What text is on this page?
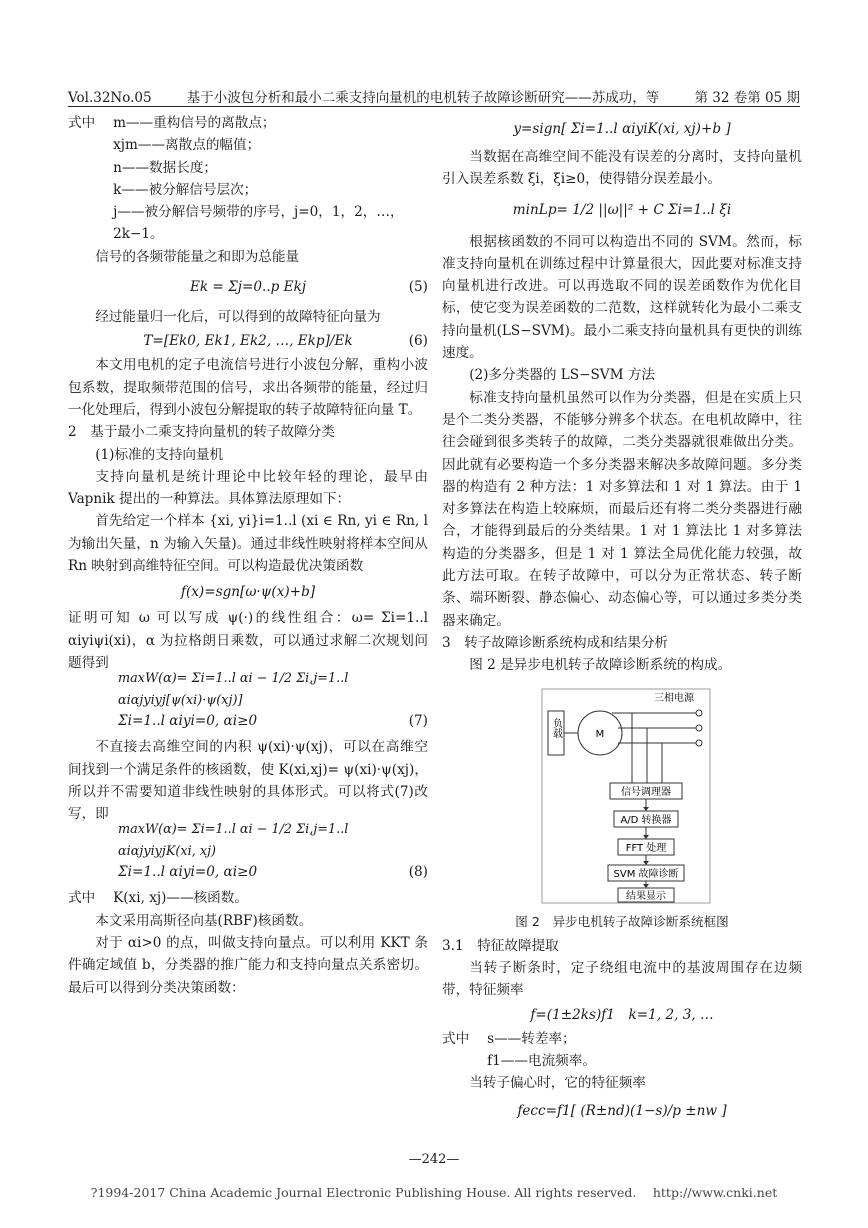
Vol.32No.05	基于小波包分析和最小二乘支持向量机的电机转子故障诊断研究——苏成功，等	第 32 卷第 05 期

式中　 m——重构信号的离散点；

　　　 xjm——离散点的幅值；

　　　 n——数据长度；

　　　 k——被分解信号层次；

　　　 j——被分解信号频带的序号，j=0，1，2，…，

　　　 2k−1。

信号的各频带能量之和即为总能量

Ek = Σj=0..p Ekj	(5)

经过能量归一化后，可以得到的故障特征向量为

T=[Ek0, Ek1, Ek2, …, Ekp]/Ek	(6)

本文用电机的定子电流信号进行小波包分解，重构小波包系数，提取频带范围的信号，求出各频带的能量，经过归一化处理后，得到小波包分解提取的转子故障特征向量 T。

2　基于最小二乘支持向量机的转子故障分类

(1)标准的支持向量机

支持向量机是统计理论中比较年轻的理论，最早由 Vapnik 提出的一种算法。具体算法原理如下：

首先给定一个样本 {xi, yi}i=1..l (xi ∈ Rn, yi ∈ Rn, l 为输出矢量，n 为输入矢量)。通过非线性映射将样本空间从 Rn 映射到高维特征空间。可以构造最优决策函数

f(x)=sgn[ω·ψ(x)+b]

证明可知 ω 可以写成 ψ(·)的线性组合：ω= Σi=1..l αiyiψi(xi)，α 为拉格朗日乘数，可以通过求解二次规划问题得到

maxW(α)= Σi=1..l αi − 1/2 Σi,j=1..l αiαjyiyj[ψ(xi)·ψ(xj)]
Σi=1..l αiyi=0, αi≥0	(7)

不直接去高维空间的内积 ψ(xi)·ψ(xj)，可以在高维空间找到一个满足条件的核函数，使 K(xi,xj)= ψ(xi)·ψ(xj)，所以并不需要知道非线性映射的具体形式。可以将式(7)改写，即

maxW(α)= Σi=1..l αi − 1/2 Σi,j=1..l αiαjyiyjK(xi, xj)
Σi=1..l αiyi=0, αi≥0	(8)

式中　 K(xi, xj)——核函数。

本文采用高斯径向基(RBF)核函数。

对于 αi>0 的点，叫做支持向量点。可以利用 KKT 条件确定域值 b，分类器的推广能力和支持向量点关系密切。最后可以得到分类决策函数：

y=sign[ Σi=1..l αiyiK(xi, xj)+b ]

当数据在高维空间不能没有误差的分离时，支持向量机引入误差系数 ξi，ξi≥0，使得错分误差最小。

minLp= 1/2 ||ω||² + C Σi=1..l ξi

根据核函数的不同可以构造出不同的 SVM。然而，标准支持向量机在训练过程中计算量很大，因此要对标准支持向量机进行改进。可以再选取不同的误差函数作为优化目标，使它变为误差函数的二范数，这样就转化为最小二乘支持向量机(LS−SVM)。最小二乘支持向量机具有更快的训练速度。

(2)多分类器的 LS−SVM 方法

标准支持向量机虽然可以作为分类器，但是在实质上只是个二类分类器，不能够分辨多个状态。在电机故障中，往往会碰到很多类转子的故障，二类分类器就很难做出分类。因此就有必要构造一个多分类器来解决多故障问题。多分类器的构造有 2 种方法：1 对多算法和 1 对 1 算法。由于 1 对多算法在构造上较麻烦，而最后还有将二类分类器进行融合，才能得到最后的分类结果。1 对 1 算法比 1 对多算法构造的分类器多，但是 1 对 1 算法全局优化能力较强，故此方法可取。在转子故障中，可以分为正常状态、转子断条、端环断裂、静态偏心、动态偏心等，可以通过多类分类器来确定。

3　转子故障诊断系统构成和结果分析

图 2 是异步电机转子故障诊断系统的构成。

负载	M
三相电源
信号调理器
A/D 转换器
FFT 处理
SVM 故障诊断
结果显示

图 2　异步电机转子故障诊断系统框图

3.1　特征故障提取

当转子断条时，定子绕组电流中的基波周围存在边频带，特征频率

f=(1±2ks)f1　k=1, 2, 3, …

式中　 s——转差率；

　　　 f1——电流频率。

当转子偏心时，它的特征频率

fecc=f1[ (R±nd)(1−s)/p ±nw ]
—242—
?1994-2017 China Academic Journal Electronic Publishing House. All rights reserved.　 http://www.cnki.net
